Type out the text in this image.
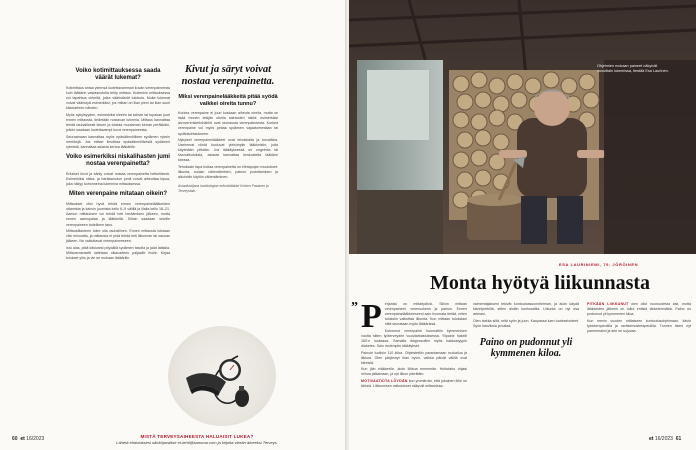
Voiko kotimittauksessa saada väärät lukemat?

Kotimittaus antaa yleensä luotettavamman kuvan verenpaineesta kuin lääkärin vastaanotolla tehty mittaus. Kuitenkin mittauksessa voi tapahtua virheitä, jotka vääristävät tuloksia. Muita lukemat voivat vääristyä esimerkiksi, jos mittari on liian pieni tai liian suuri käsivarteen nähden.

Myös nykyisyyden, esimerkiksi kiireen tai kahvin tai tupakan juuri ennen mittausta, tiedetään nostavan lukemia. Mittaus kannattaa tehdä rauhallisesti istuen ja toistaa muutaman kerran peräkkäin, jolloin saadaan luotettavampi kuva verenpaineesta.

Seuraamaan kannattaa myös epäsäännöllisen sydämen rytmin merkkejä. Jos mittari ilmoittaa epäsäännöllisestä sydämen rytmistä, kannattaa asiasta kertoa lääkärille.

Voiko esimerkiksi niskalihasten jumi nostaa verenpainetta?

Erilaiset kivut ja särky voivat nostaa verenpainetta hetkellisesti. Esimerkiksi niska- ja hartiaseudun jumit voivat aiheuttaa kipua, joka näkyy kohonneina lukemina mittauksessa.

Miten verenpaine mitataan oikein?

Mittaukset olisi hyvä tehdä ennen verenpainelääkkeiden ottamista ja kahvin juomista kello 6–9 välillä ja illalla kello 18–21. Aamun mittauksen voi tehdä heti heräämisen jälkeen, mutta ennen aamupalaa ja lääkkeitä. Silloin saadaan selville verenpaineen todellinen taso.

Mittaustilanteen tulee olla rauhallinen. Ennen mittausta istutaan viisi minuuttia, ja mittausta ei pidä tehdä heti liikunnan tai saunan jälkeen. Ne vaikuttavat verenpaineeseen.

Istu alas, pidä käsivarsi pöydällä sydämen tasolla ja jalat lattialla. Mittausmansetti laitetaan olkavarteen paljaalle iholle. Kirjaa tulokset ylös ja vie ne mukaan lääkärille.

Kivut ja säryt voivat nostaa verenpainetta.
Miksi verenpainelääkkeitä pitää syödä vaikkei oireita tunnu?

Korkea verenpaine ei juuri koskaan aiheuta oireita, mutta se lisää monen tekijän ohella sairauden riskiä: esimerkiksi aivoverenkiertohäiriöt ovat seurausta verenpaineesta. Korkea verenpaine voi myös johtaa sydämen vajaatoimintaan tai sydänkohtaukseen.

Nykyiset verenpainelääkkeet ovat tehokkaita ja turvallisia. Useimmat niistä kuuluvat yleisimpiin lääkkeisiin, joita käytetään pitkään. Jos lääkityksessä on ongelmia tai sivuvaikutuksia, asiasta kannattaa keskustella lääkärin kanssa.

Tehokkain tapa hoitaa verenpainetta on elintapojen muutokset: liikunta, suolan vähentäminen, painon pudottaminen ja alkoholin käytön vähentäminen.

Asiantuntijana kardiologian erikoislääkäri Kristen Pasanen ja Terveystalo.
MISTÄ TERVEYSAIHEESTA HALUAISIT LUKEA?
Lähetä ehdotuksesi sähköpostitse et-lehti@sanoma.com ja kirjoita viestin aiheeksi Terveys.
60 et 16/2023
Ohjelmien mukaan paineet näkyivät vuosittain lukemissa, tiestää Esa Laurinen.
ESA LAURINIEMI, 79, JÖRÖINEN
Monta hyötyä liikunnasta
” P erjantai on mittaripäivä. Silloin mittaan verenpaineet, verensokerin ja painon. Ennen verenpainelääkkeeseeni sain huomata tietää, miten tuloksiin vaikuttaa liikunta. Kun mittaan tuloksiani niitä seurataan myös lääkärissä.

Kohonnut verenpaine huomattiin kymmenisen vuotta sitten työterveyden vuositarkastuksessa. Ylipaine hakeili 160:n luokassa. Samalla diagnosoitiin myös kakkostyypin diabetes. Sain molempiin lääkitykset.

Painoin tuolloin 110 kiloa. Ohjeistettiin parantamaan ruokailua ja liikkua. Olen pärjännyt ihan hyvin, vaikka päivät välillä ovat kiireisiä.

Kun jäin eläkkeelle, aloin liikkua enemmän. Hoitotaho ohjasi minua jatkamaan, ja nyt liikun päivittäin.

MOTIVAATIOTA LÖYDÄN kun ymmärrän, että jokainen liike on tärkeä. Liikkumisen vaikutukset näkyvät mittareissa.

valmentajakseni tekivät kuntoutussuunnitelman, ja aloin käydä kävelyretkillä, sitten aloitin kuntosalilla. Liikunta on nyt osa arkeani.

Olen tarkka siitä, mitä syön ja juon. Kaupassa luen tuoteselosteet. Syön kasviksia ja kalaa.

Paino on pudonnut yli kymmenen kiloa.

PITKÄÄN LIIKKUNUT olen ollut nuoruudesta asti, mutta lääkkeiden jälkeen on tullut entistä tärkeämmäksi. Paino on pudonnut yli kymmenen kiloa.

Kun menin vuoden mittaiseen kuntoutusohjelmaan, kävin fysioterapeutilla ja ravitsemusterapeutilla. Tunnen itseni nyt paremmaksi ja arki on sujuvaa.

et 16/2023 61
